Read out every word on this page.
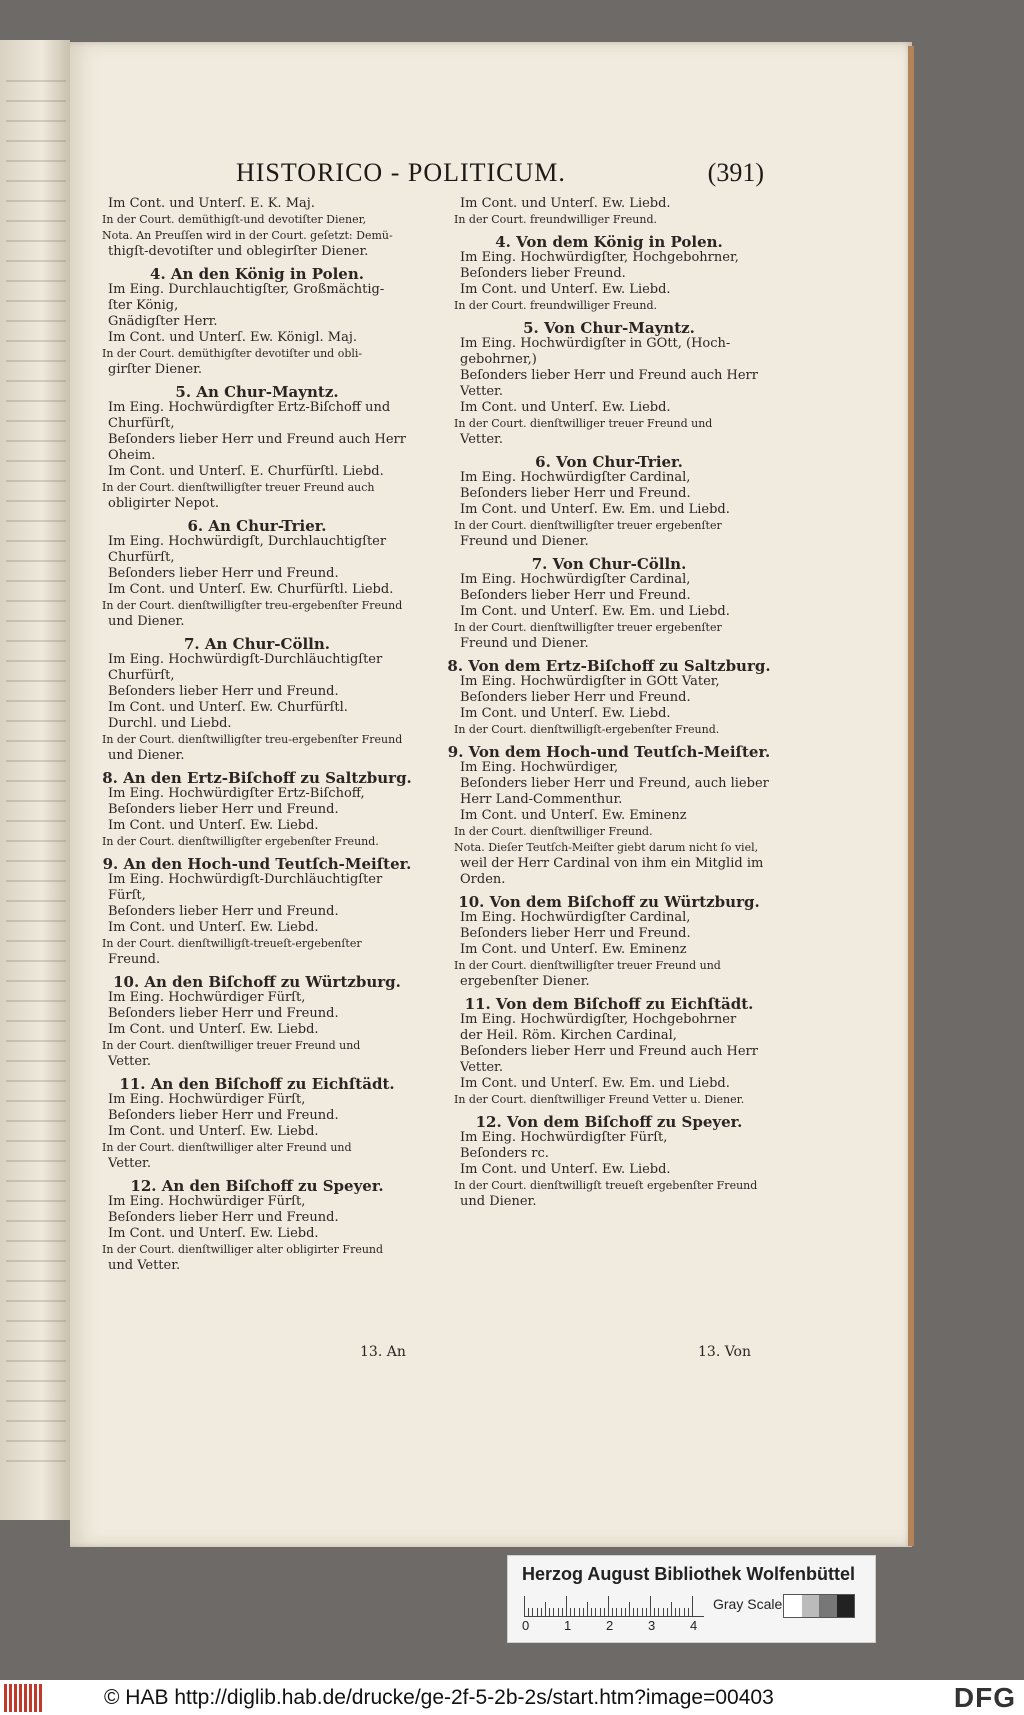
HISTORICO - POLITICUM.	(391)
Im Cont. und Unterſ. E. K. Maj.
In der Court. demüthigſt-und devotiſter Diener,
Nota. An Preuſſen wird in der Court. geſetzt: Demü-
thigſt-devotiſter und oblegirſter Diener.
4. An den König in Polen.
Im Eing. Durchlauchtigſter, Großmächtig-
ſter König,
Gnädigſter Herr.
Im Cont. und Unterſ. Ew. Königl. Maj.
In der Court. demüthigſter devotiſter und obli-
girſter Diener.
5. An Chur-Mayntz.
Im Eing. Hochwürdigſter Ertz-Biſchoff und
Churfürſt,
Beſonders lieber Herr und Freund auch Herr
Oheim.
Im Cont. und Unterſ. E. Churfürſtl. Liebd.
In der Court. dienſtwilligſter treuer Freund auch
obligirter Nepot.
6. An Chur-Trier.
Im Eing. Hochwürdigſt, Durchlauchtigſter
Churfürſt,
Beſonders lieber Herr und Freund.
Im Cont. und Unterſ. Ew. Churfürſtl. Liebd.
In der Court. dienſtwilligſter treu-ergebenſter Freund
und Diener.
7. An Chur-Cölln.
Im Eing. Hochwürdigſt-Durchläuchtigſter
Churfürſt,
Beſonders lieber Herr und Freund.
Im Cont. und Unterſ. Ew. Churfürſtl.
Durchl. und Liebd.
In der Court. dienſtwilligſter treu-ergebenſter Freund
und Diener.
8. An den Ertz-Biſchoff zu Saltzburg.
Im Eing. Hochwürdigſter Ertz-Biſchoff,
Beſonders lieber Herr und Freund.
Im Cont. und Unterſ. Ew. Liebd.
In der Court. dienſtwilligſter ergebenſter Freund.
9. An den Hoch-und Teutſch-Meiſter.
Im Eing. Hochwürdigſt-Durchläuchtigſter
Fürſt,
Beſonders lieber Herr und Freund.
Im Cont. und Unterſ. Ew. Liebd.
In der Court. dienſtwilligſt-treueſt-ergebenſter
Freund.
10. An den Biſchoff zu Würtzburg.
Im Eing. Hochwürdiger Fürſt,
Beſonders lieber Herr und Freund.
Im Cont. und Unterſ. Ew. Liebd.
In der Court. dienſtwilliger treuer Freund und
Vetter.
11. An den Biſchoff zu Eichſtädt.
Im Eing. Hochwürdiger Fürſt,
Beſonders lieber Herr und Freund.
Im Cont. und Unterſ. Ew. Liebd.
In der Court. dienſtwilliger alter Freund und
Vetter.
12. An den Biſchoff zu Speyer.
Im Eing. Hochwürdiger Fürſt,
Beſonders lieber Herr und Freund.
Im Cont. und Unterſ. Ew. Liebd.
In der Court. dienſtwilliger alter obligirter Freund
und Vetter.
Im Cont. und Unterſ. Ew. Liebd.
In der Court. freundwilliger Freund.
4. Von dem König in Polen.
Im Eing. Hochwürdigſter, Hochgebohrner,
Beſonders lieber Freund.
Im Cont. und Unterſ. Ew. Liebd.
In der Court. freundwilliger Freund.
5. Von Chur-Mayntz.
Im Eing. Hochwürdigſter in GOtt, (Hoch-
gebohrner,)
Beſonders lieber Herr und Freund auch Herr
Vetter.
Im Cont. und Unterſ. Ew. Liebd.
In der Court. dienſtwilliger treuer Freund und
Vetter.
6. Von Chur-Trier.
Im Eing. Hochwürdigſter Cardinal,
Beſonders lieber Herr und Freund.
Im Cont. und Unterſ. Ew. Em. und Liebd.
In der Court. dienſtwilligſter treuer ergebenſter
Freund und Diener.
7. Von Chur-Cölln.
Im Eing. Hochwürdigſter Cardinal,
Beſonders lieber Herr und Freund.
Im Cont. und Unterſ. Ew. Em. und Liebd.
In der Court. dienſtwilligſter treuer ergebenſter
Freund und Diener.
8. Von dem Ertz-Biſchoff zu Saltzburg.
Im Eing. Hochwürdigſter in GOtt Vater,
Beſonders lieber Herr und Freund.
Im Cont. und Unterſ. Ew. Liebd.
In der Court. dienſtwilligſt-ergebenſter Freund.
9. Von dem Hoch-und Teutſch-Meiſter.
Im Eing. Hochwürdiger,
Beſonders lieber Herr und Freund, auch lieber
Herr Land-Commenthur.
Im Cont. und Unterſ. Ew. Eminenz
In der Court. dienſtwilliger Freund.
Nota. Dieſer Teutſch-Meiſter giebt darum nicht ſo viel,
weil der Herr Cardinal von ihm ein Mitglid im Orden.
10. Von dem Biſchoff zu Würtzburg.
Im Eing. Hochwürdigſter Cardinal,
Beſonders lieber Herr und Freund.
Im Cont. und Unterſ. Ew. Eminenz
In der Court. dienſtwilligſter treuer Freund und
ergebenſter Diener.
11. Von dem Biſchoff zu Eichſtädt.
Im Eing. Hochwürdigſter, Hochgebohrner
der Heil. Röm. Kirchen Cardinal,
Beſonders lieber Herr und Freund auch Herr
Vetter.
Im Cont. und Unterſ. Ew. Em. und Liebd.
In der Court. dienſtwilliger Freund Vetter u. Diener.
12. Von dem Biſchoff zu Speyer.
Im Eing. Hochwürdigſter Fürſt,
Beſonders rc.
Im Cont. und Unterſ. Ew. Liebd.
In der Court. dienſtwilligſt treueſt ergebenſter Freund
und Diener.
13. An	13. Von
Herzog August Bibliothek Wolfenbüttel
0	1	2	3	4
Gray Scale
© HAB http://diglib.hab.de/drucke/ge-2f-5-2b-2s/start.htm?image=00403	DFG
